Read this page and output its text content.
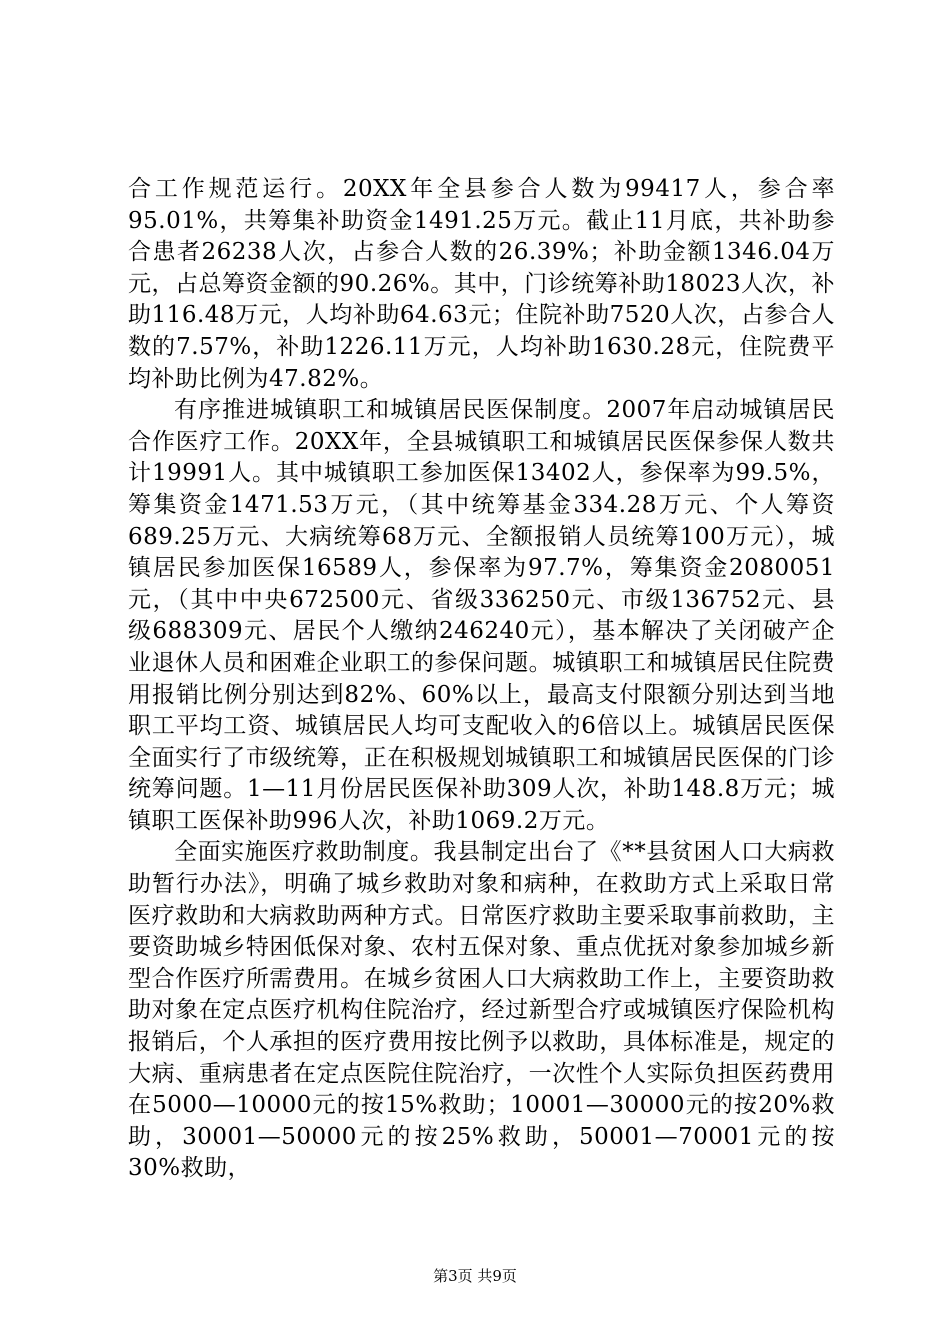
合工作规范运行。20XX年全县参合人数为99417人，参合率95.01%，共筹集补助资金1491.25万元。截止11月底，共补助参合患者26238人次，占参合人数的26.39%；补助金额1346.04万元，占总筹资金额的90.26%。其中，门诊统筹补助18023人次，补助116.48万元，人均补助64.63元；住院补助7520人次，占参合人数的7.57%，补助1226.11万元，人均补助1630.28元，住院费平均补助比例为47.82%。

有序推进城镇职工和城镇居民医保制度。2007年启动城镇居民合作医疗工作。20XX年，全县城镇职工和城镇居民医保参保人数共计19991人。其中城镇职工参加医保13402人，参保率为99.5%，筹集资金1471.53万元，（其中统筹基金334.28万元、个人筹资689.25万元、大病统筹68万元、全额报销人员统筹100万元），城镇居民参加医保16589人，参保率为97.7%，筹集资金2080051元，（其中中央672500元、省级336250元、市级136752元、县级688309元、居民个人缴纳246240元），基本解决了关闭破产企业退休人员和困难企业职工的参保问题。城镇职工和城镇居民住院费用报销比例分别达到82%、60%以上，最高支付限额分别达到当地职工平均工资、城镇居民人均可支配收入的6倍以上。城镇居民医保全面实行了市级统筹，正在积极规划城镇职工和城镇居民医保的门诊统筹问题。1—11月份居民医保补助309人次，补助148.8万元；城镇职工医保补助996人次，补助1069.2万元。

全面实施医疗救助制度。我县制定出台了《**县贫困人口大病救助暂行办法》，明确了城乡救助对象和病种，在救助方式上采取日常医疗救助和大病救助两种方式。日常医疗救助主要采取事前救助，主要资助城乡特困低保对象、农村五保对象、重点优抚对象参加城乡新型合作医疗所需费用。在城乡贫困人口大病救助工作上，主要资助救助对象在定点医疗机构住院治疗，经过新型合疗或城镇医疗保险机构报销后，个人承担的医疗费用按比例予以救助，具体标准是，规定的大病、重病患者在定点医院住院治疗，一次性个人实际负担医药费用在5000—10000元的按15%救助；10001—30000元的按20%救助，30001—50000元的按25%救助，50001—70001元的按30%救助，

第3页 共9页
